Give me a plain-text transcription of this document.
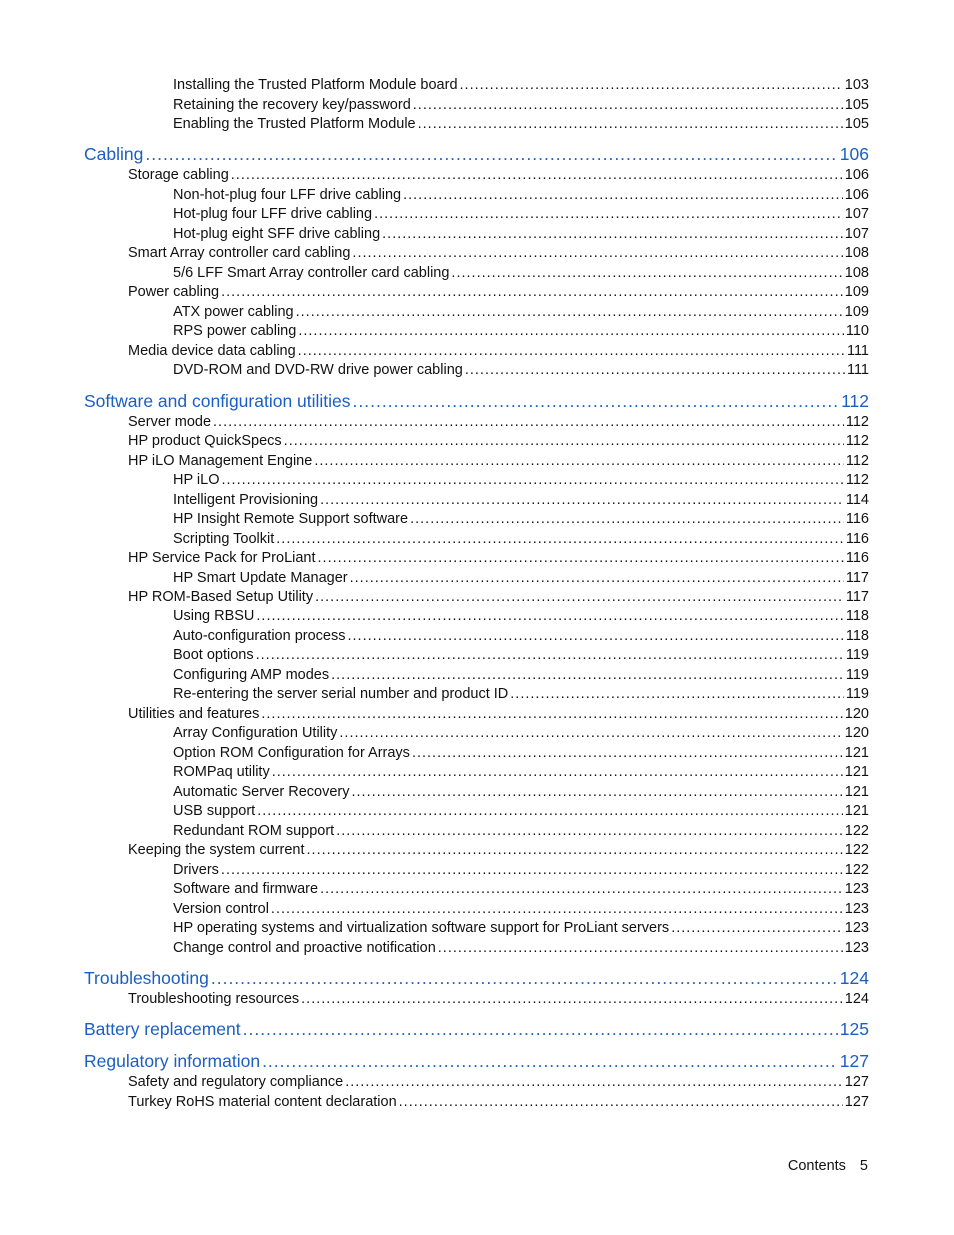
Installing the Trusted Platform Module board .....	103
Retaining the recovery key/password .....	105
Enabling the Trusted Platform Module .....	105
Cabling .....	106
Storage cabling .....	106
Non-hot-plug four LFF drive cabling .....	106
Hot-plug four LFF drive cabling .....	107
Hot-plug eight SFF drive cabling .....	107
Smart Array controller card cabling .....	108
5/6 LFF Smart Array controller card cabling .....	108
Power cabling .....	109
ATX power cabling .....	109
RPS power cabling .....	110
Media device data cabling .....	111
DVD-ROM and DVD-RW drive power cabling .....	111
Software and configuration utilities .....	112
Server mode .....	112
HP product QuickSpecs .....	112
HP iLO Management Engine .....	112
HP iLO .....	112
Intelligent Provisioning .....	114
HP Insight Remote Support software .....	116
Scripting Toolkit .....	116
HP Service Pack for ProLiant .....	116
HP Smart Update Manager .....	117
HP ROM-Based Setup Utility .....	117
Using RBSU .....	118
Auto-configuration process .....	118
Boot options .....	119
Configuring AMP modes .....	119
Re-entering the server serial number and product ID .....	119
Utilities and features .....	120
Array Configuration Utility .....	120
Option ROM Configuration for Arrays .....	121
ROMPaq utility .....	121
Automatic Server Recovery .....	121
USB support .....	121
Redundant ROM support .....	122
Keeping the system current .....	122
Drivers .....	122
Software and firmware .....	123
Version control .....	123
HP operating systems and virtualization software support for ProLiant servers .....	123
Change control and proactive notification .....	123
Troubleshooting .....	124
Troubleshooting resources .....	124
Battery replacement .....	125
Regulatory information .....	127
Safety and regulatory compliance .....	127
Turkey RoHS material content declaration .....	127
Contents 5
